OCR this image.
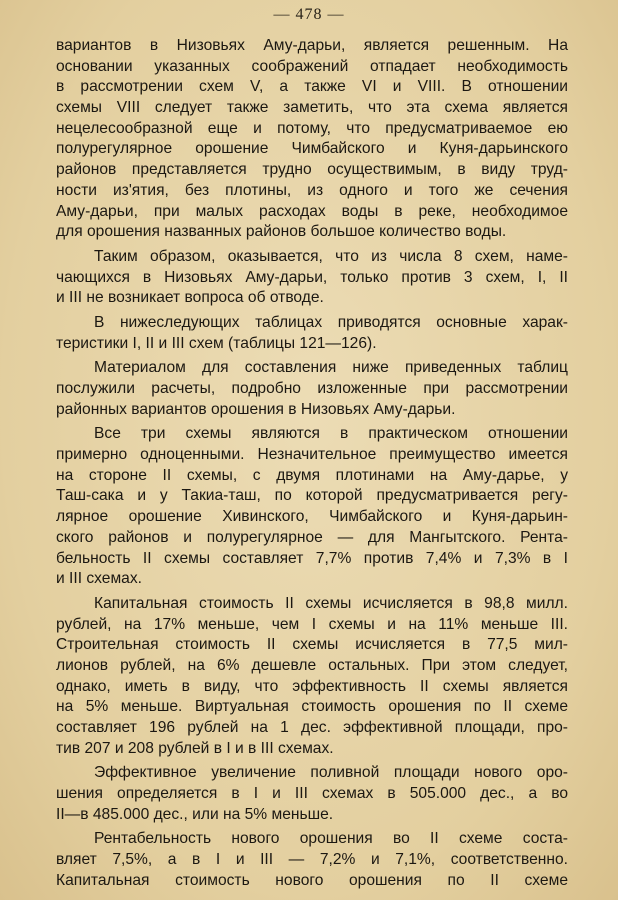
— 478 —
вариантов в Низовьях Аму-дарьи, является решенным. На
основании указанных соображений отпадает необходимость
в рассмотрении схем V, а также VI и VIII. В отношении
схемы VIII следует также заметить, что эта схема является
нецелесообразной еще и потому, что предусматриваемое ею
полурегулярное орошение Чимбайского и Куня-дарьинского
районов представляется трудно осуществимым, в виду труд-
ности из'ятия, без плотины, из одного и того же сечения
Аму-дарьи, при малых расходах воды в реке, необходимое
для орошения названных районов большое количество воды.
Таким образом, оказывается, что из числа 8 схем, наме-
чающихся в Низовьях Аму-дарьи, только против 3 схем, I, II
и III не возникает вопроса об отводе.
В нижеследующих таблицах приводятся основные харак-
теристики I, II и III схем (таблицы 121—126).
Материалом для составления ниже приведенных таблиц
послужили расчеты, подробно изложенные при рассмотрении
районных вариантов орошения в Низовьях Аму-дарьи.
Все три схемы являются в практическом отношении
примерно одноценными. Незначительное преимущество имеется
на стороне II схемы, с двумя плотинами на Аму-дарье, у
Таш-сака и у Такиа-таш, по которой предусматривается регу-
лярное орошение Хивинского, Чимбайского и Куня-дарьин-
ского районов и полурегулярное — для Мангытского. Рента-
бельность II схемы составляет 7,7% против 7,4% и 7,3% в I
и III схемах.
Капитальная стоимость II схемы исчисляется в 98,8 милл.
рублей, на 17% меньше, чем I схемы и на 11% меньше III.
Строительная стоимость II схемы исчисляется в 77,5 мил-
лионов рублей, на 6% дешевле остальных. При этом следует,
однако, иметь в виду, что эффективность II схемы является
на 5% меньше. Виртуальная стоимость орошения по II схеме
составляет 196 рублей на 1 дес. эффективной площади, про-
тив 207 и 208 рублей в I и в III схемах.
Эффективное увеличение поливной площади нового оро-
шения определяется в I и III схемах в 505.000 дес., а во
II—в 485.000 дес., или на 5% меньше.
Рентабельность нового орошения во II схеме соста-
вляет 7,5%, а в I и III — 7,2% и 7,1%, соответственно.
Капитальная стоимость нового орошения по II схеме
